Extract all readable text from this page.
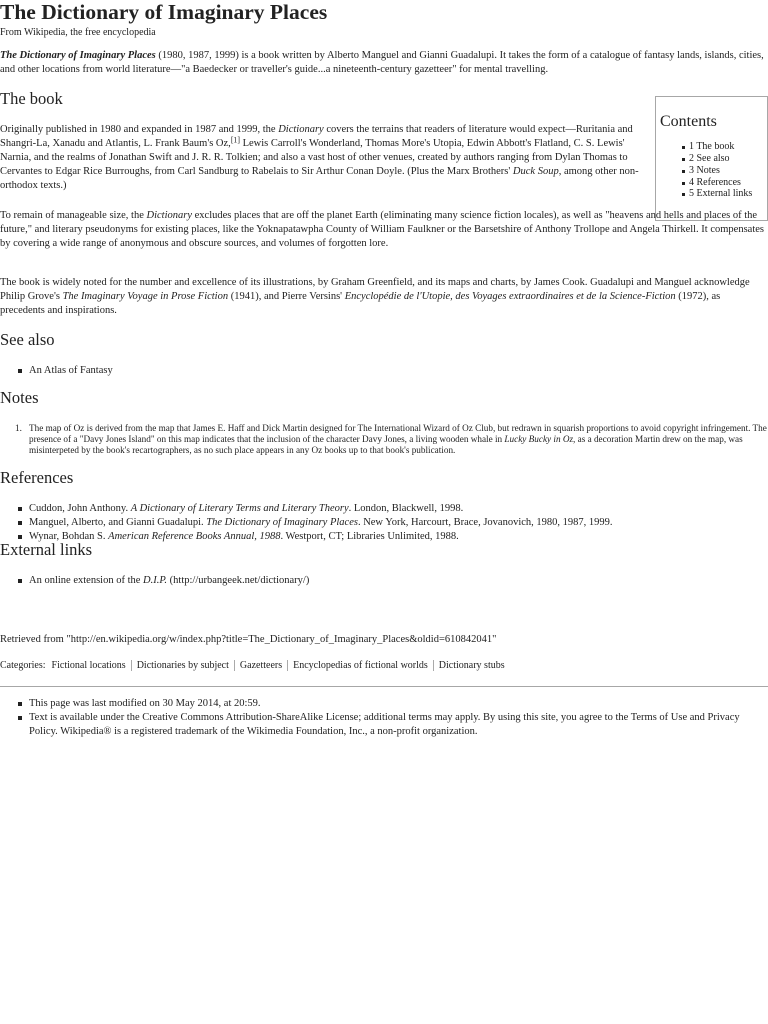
The Dictionary of Imaginary Places
From Wikipedia, the free encyclopedia

The Dictionary of Imaginary Places (1980, 1987, 1999) is a book written by Alberto Manguel and Gianni Guadalupi. It takes the form of a catalogue of fantasy lands, islands, cities, and other locations from world literature—"a Baedecker or traveller's guide...a nineteenth-century gazetteer" for mental travelling.

Contents
1 The book
2 See also
3 Notes
4 References
5 External links
The book

Originally published in 1980 and expanded in 1987 and 1999, the Dictionary covers the terrains that readers of literature would expect—Ruritania and Shangri-La, Xanadu and Atlantis, L. Frank Baum's Oz,[1] Lewis Carroll's Wonderland, Thomas More's Utopia, Edwin Abbott's Flatland, C. S. Lewis' Narnia, and the realms of Jonathan Swift and J. R. R. Tolkien; and also a vast host of other venues, created by authors ranging from Dylan Thomas to Cervantes to Edgar Rice Burroughs, from Carl Sandburg to Rabelais to Sir Arthur Conan Doyle. (Plus the Marx Brothers' Duck Soup, among other non-orthodox texts.)

To remain of manageable size, the Dictionary excludes places that are off the planet Earth (eliminating many science fiction locales), as well as "heavens and hells and places of the future," and literary pseudonyms for existing places, like the Yoknapatawpha County of William Faulkner or the Barsetshire of Anthony Trollope and Angela Thirkell. It compensates by covering a wide range of anonymous and obscure sources, and volumes of forgotten lore.

The book is widely noted for the number and excellence of its illustrations, by Graham Greenfield, and its maps and charts, by James Cook. Guadalupi and Manguel acknowledge Philip Grove's The Imaginary Voyage in Prose Fiction (1941), and Pierre Versins' Encyclopédie de l'Utopie, des Voyages extraordinaires et de la Science-Fiction (1972), as precedents and inspirations.

See also
An Atlas of Fantasy
Notes
1. The map of Oz is derived from the map that James E. Haff and Dick Martin designed for The International Wizard of Oz Club, but redrawn in squarish proportions to avoid copyright infringement. The presence of a "Davy Jones Island" on this map indicates that the inclusion of the character Davy Jones, a living wooden whale in Lucky Bucky in Oz, as a decoration Martin drew on the map, was misinterpeted by the book's recartographers, as no such place appears in any Oz books up to that book's publication.
References
Cuddon, John Anthony. A Dictionary of Literary Terms and Literary Theory. London, Blackwell, 1998.
Manguel, Alberto, and Gianni Guadalupi. The Dictionary of Imaginary Places. New York, Harcourt, Brace, Jovanovich, 1980, 1987, 1999.
Wynar, Bohdan S. American Reference Books Annual, 1988. Westport, CT; Libraries Unlimited, 1988.
External links
An online extension of the D.I.P. (http://urbangeek.net/dictionary/)

Retrieved from "http://en.wikipedia.org/w/index.php?title=The_Dictionary_of_Imaginary_Places&oldid=610842041"

Categories: Fictional locations Dictionaries by subject Gazetteers Encyclopedias of fictional worlds Dictionary stubs
This page was last modified on 30 May 2014, at 20:59.
Text is available under the Creative Commons Attribution-ShareAlike License; additional terms may apply. By using this site, you agree to the Terms of Use and Privacy Policy. Wikipedia® is a registered trademark of the Wikimedia Foundation, Inc., a non-profit organization.
